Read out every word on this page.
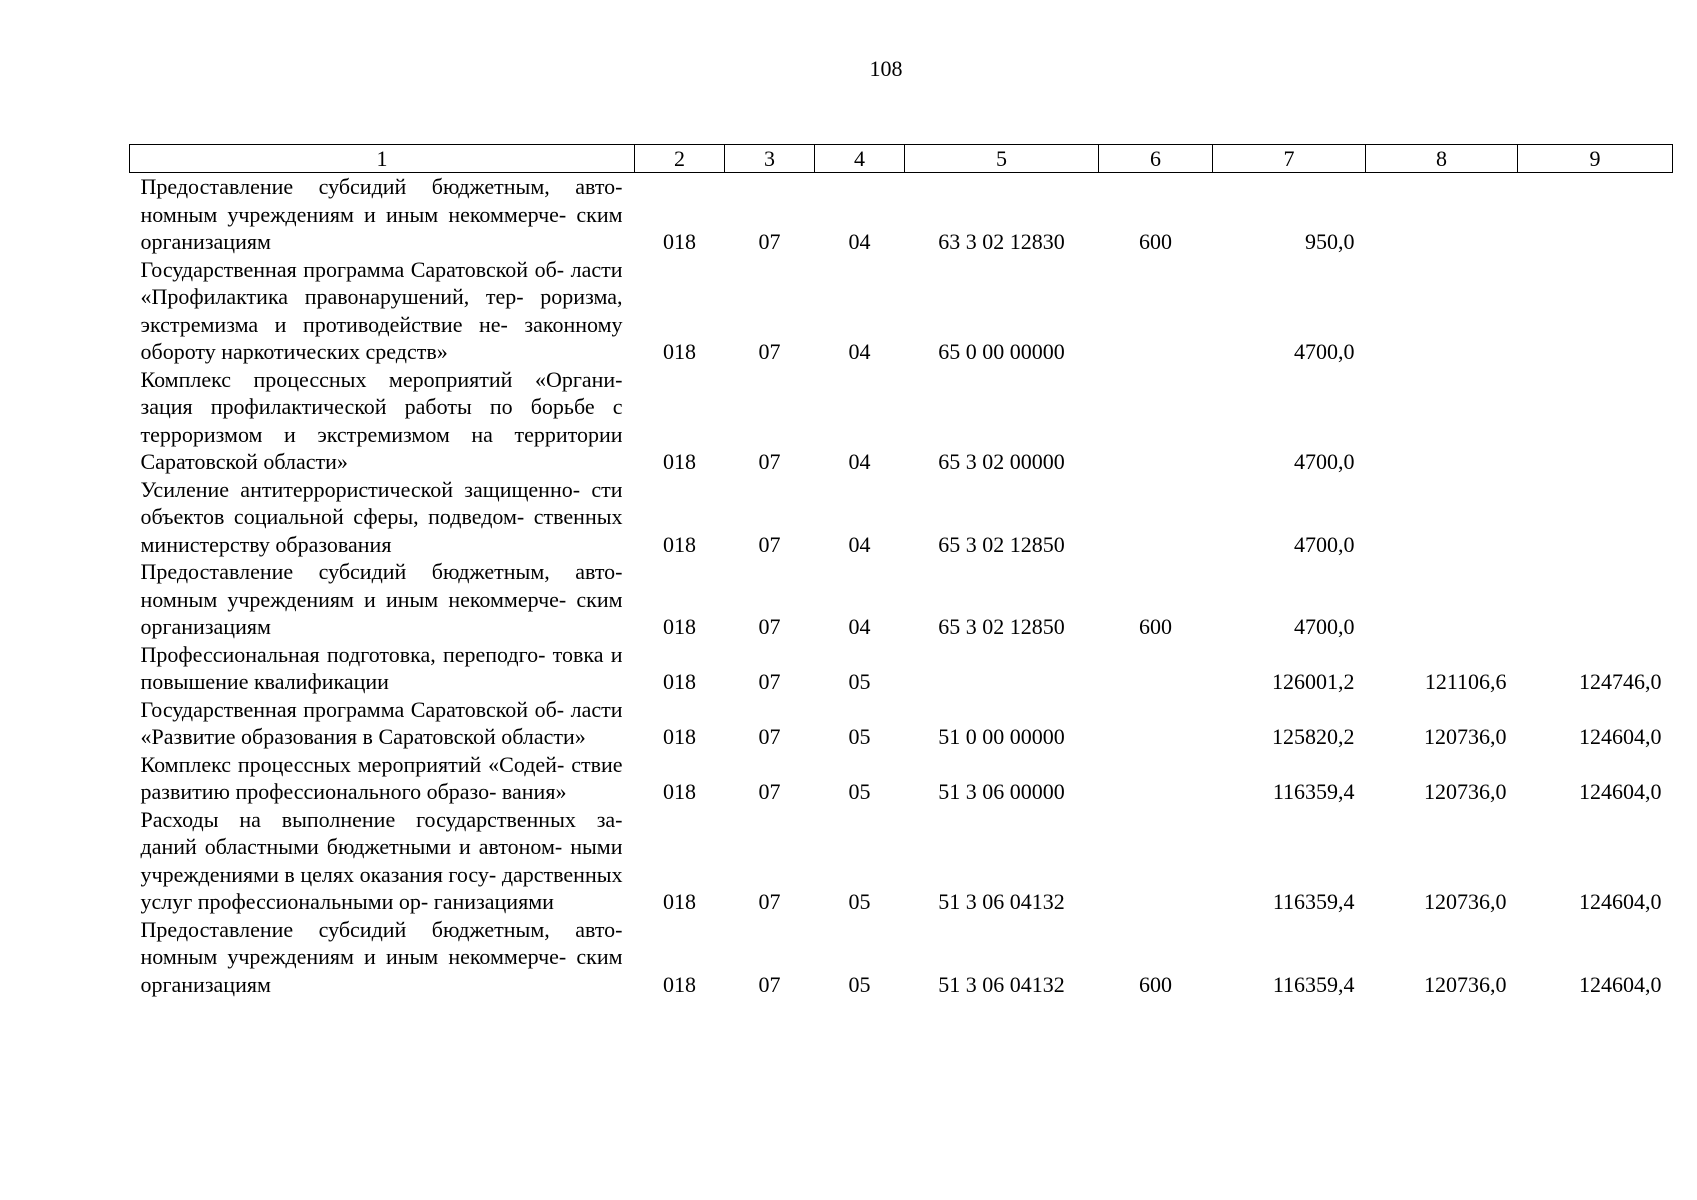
108
1	2	3	4	5	6	7	8	9
Предоставление субсидий бюджетным, авто- номным учреждениям и иным некоммерче- ским организациям	018	07	04	63 3 02 12830	600	950,0		
Государственная программа Саратовской об- ласти «Профилактика правонарушений, тер- роризма, экстремизма и противодействие не- законному обороту наркотических средств»	018	07	04	65 0 00 00000		4700,0		
Комплекс процессных мероприятий «Органи- зация профилактической работы по борьбе с терроризмом и экстремизмом на территории Саратовской области»	018	07	04	65 3 02 00000		4700,0		
Усиление антитеррористической защищенно- сти объектов социальной сферы, подведом- ственных министерству образования	018	07	04	65 3 02 12850		4700,0		
Предоставление субсидий бюджетным, авто- номным учреждениям и иным некоммерче- ским организациям	018	07	04	65 3 02 12850	600	4700,0		
Профессиональная подготовка, переподго- товка и повышение квалификации	018	07	05			126001,2	121106,6	124746,0
Государственная программа Саратовской об- ласти «Развитие образования в Саратовской области»	018	07	05	51 0 00 00000		125820,2	120736,0	124604,0
Комплекс процессных мероприятий «Содей- ствие развитию профессионального образо- вания»	018	07	05	51 3 06 00000		116359,4	120736,0	124604,0
Расходы на выполнение государственных за- даний областными бюджетными и автоном- ными учреждениями в целях оказания госу- дарственных услуг профессиональными ор- ганизациями	018	07	05	51 3 06 04132		116359,4	120736,0	124604,0
Предоставление субсидий бюджетным, авто- номным учреждениям и иным некоммерче- ским организациям	018	07	05	51 3 06 04132	600	116359,4	120736,0	124604,0
